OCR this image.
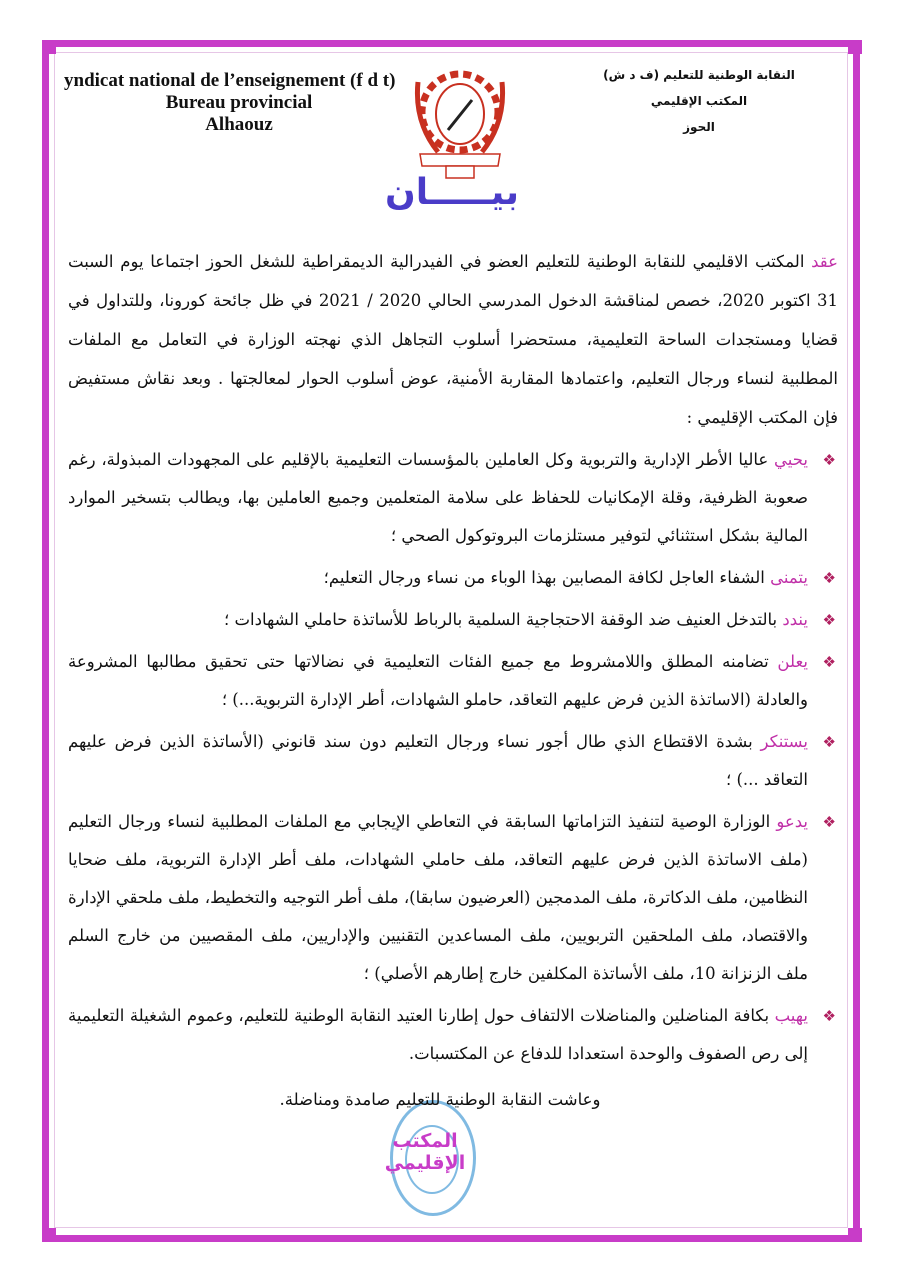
yndicat national de l’enseignement (f d t)
Bureau provincial
Alhaouz
النقابة الوطنية للتعليم (ف د ش)
المكتب الإقليمي
الحوز
بيـــــان

عقد المكتب الاقليمي للنقابة الوطنية للتعليم العضو في الفيدرالية الديمقراطية للشغل الحوز اجتماعا يوم السبت 31 اكتوبر 2020، خصص لمناقشة الدخول المدرسي الحالي 2020 / 2021 في ظل جائحة كورونا، وللتداول في قضايا ومستجدات الساحة التعليمية، مستحضرا أسلوب التجاهل الذي نهجته الوزارة في التعامل مع الملفات المطلبية لنساء ورجال التعليم، واعتمادها المقاربة الأمنية، عوض أسلوب الحوار لمعالجتها . وبعد نقاش مستفيض فإن المكتب الإقليمي :

❖
يحيي عاليا الأطر الإدارية والتربوية وكل العاملين بالمؤسسات التعليمية بالإقليم على المجهودات المبذولة، رغم صعوبة الظرفية، وقلة الإمكانيات للحفاظ على سلامة المتعلمين وجميع العاملين بها، ويطالب بتسخير الموارد المالية بشكل استثنائي لتوفير مستلزمات البروتوكول الصحي ؛

❖
يتمنى الشفاء العاجل لكافة المصابين بهذا الوباء من نساء ورجال التعليم؛

❖
يندد بالتدخل العنيف ضد الوقفة الاحتجاجية السلمية بالرباط للأساتذة حاملي الشهادات ؛

❖
يعلن تضامنه المطلق واللامشروط مع جميع الفئات التعليمية في نضالاتها حتى تحقيق مطالبها المشروعة والعادلة (الاساتذة الذين فرض عليهم التعاقد، حاملو الشهادات، أطر الإدارة التربوية...) ؛

❖
يستنكر بشدة الاقتطاع الذي طال أجور نساء ورجال التعليم دون سند قانوني (الأساتذة الذين فرض عليهم التعاقد ...) ؛

❖
يدعو الوزارة الوصية لتنفيذ التزاماتها السابقة في التعاطي الإيجابي مع الملفات المطلبية لنساء ورجال التعليم (ملف الاساتذة الذين فرض عليهم التعاقد، ملف حاملي الشهادات، ملف أطر الإدارة التربوية، ملف ضحايا النظامين، ملف الدكاترة، ملف المدمجين (العرضيون سابقا)، ملف أطر التوجيه والتخطيط، ملف ملحقي الإدارة والاقتصاد، ملف الملحقين التربويين، ملف المساعدين التقنيين والإداريين، ملف المقصيين من خارج السلم ملف الزنزانة 10، ملف الأساتذة المكلفين خارج إطارهم الأصلي) ؛

❖
يهيب بكافة المناضلين والمناضلات الالتفاف حول إطارنا العتيد النقابة الوطنية للتعليم، وعموم الشغيلة التعليمية إلى رص الصفوف والوحدة استعدادا للدفاع عن المكتسبات.

وعاشت النقابة الوطنية للتعليم صامدة ومناضلة.
المكتب الإقليمي
